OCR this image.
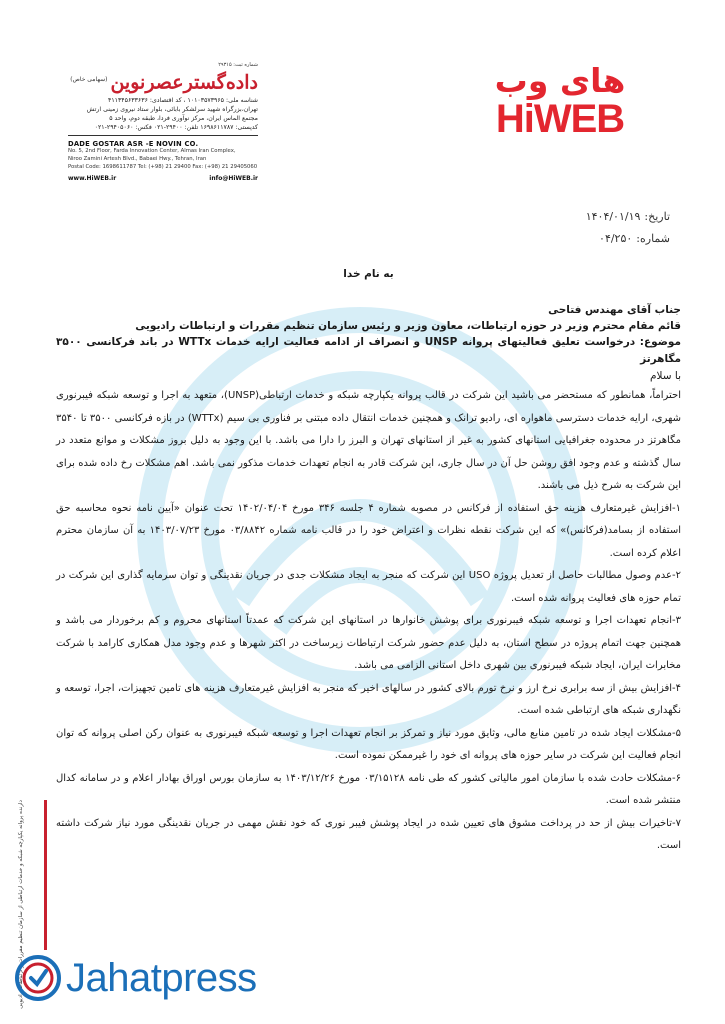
شماره ثبت: ۲۹۳۱۵
داده‌گستر‌عصر‌نوین$^{(سهامی خاص)}$
شناسه ملی: ۱۰۱۰۳۵۷۳۹۶۵ ، کد اقتصادی: ۴۱۱۳۴۵۶۳۳۶۳۶
تهران،بزرگراه شهید سرلشکر بابائی، بلوار ستاد نیروی زمینی ارتش
مجتمع الماس ایران، مرکز نوآوری فردا، طبقه دوم، واحد ۵
کدپستی: ۱۶۹۸۶۱۱۷۸۷ تلفن: ۲۹۴۰۰-۰۲۱ فکس: ۲۹۴۰۵۰۶۰-۰۲۱
DADE GOSTAR ASR -E NOVIN CO.
No. 5, 2nd Floor, Farda Innovation Center, Almas Iran Complex,
Niroo Zamini Artesh Blvd., Babaei Hwy., Tehran, Iran
Postal Code: 1698611787 Tel: (+98) 21 29400 Fax: (+98) 21 29405060
www.HiWEB.ir	info@HiWEB.ir
های وب
HiWEB
تاریخ:۱۴۰۴/۰۱/۱۹
شماره:۰۴/۲۵۰
به نام خدا
جناب آقای مهندس فتاحی
قائم مقام محترم وزیر در حوزه ارتباطات، معاون وزیر و رئیس سازمان تنظیم مقررات و ارتباطات رادیویی
موضوع: درخواست تعلیق فعالیتهای پروانه UNSP و انصراف از ادامه فعالیت ارایه خدمات WTTx در باند فرکانسی ۳۵۰۰ مگاهرتز
با سلام

احتراماً، همانطور که مستحضر می باشید این شرکت در قالب پروانه یکپارچه شبکه و خدمات ارتباطی(UNSP)، متعهد به اجرا و توسعه شبکه فیبرنوری شهری، ارایه خدمات دسترسی ماهواره ای، رادیو ترانک و همچنین خدمات انتقال داده مبتنی بر فناوری بی سیم (WTTx) در بازه فرکانسی ۳۵۰۰ تا ۳۵۴۰ مگاهرتز در محدوده جغرافیایی استانهای کشور به غیر از استانهای تهران و البرز را دارا می باشد. با این وجود به دلیل بروز مشکلات و موانع متعدد در سال گذشته و عدم وجود افق روشن حل آن در سال جاری، این شرکت قادر به انجام تعهدات خدمات مذکور نمی باشد. اهم مشکلات رخ داده شده برای این شرکت به شرح ذیل می باشند.

۱-افزایش غیرمتعارف هزینه حق استفاده از فرکانس در مصوبه شماره ۴ جلسه ۳۴۶ مورخ ۱۴۰۲/۰۴/۰۴ تحت عنوان «آیین نامه نحوه محاسبه حق استفاده از بسامد(فرکانس)» که این شرکت نقطه نظرات و اعتراض خود را در قالب نامه شماره ۰۳/۸۸۴۲ مورخ ۱۴۰۳/۰۷/۲۳ به آن سازمان محترم اعلام کرده است.

۲-عدم وصول مطالبات حاصل از تعدیل پروژه USO این شرکت که منجر به ایجاد مشکلات جدی در جریان نقدینگی و توان سرمایه گذاری این شرکت در تمام حوزه های فعالیت پروانه شده است.

۳-انجام تعهدات اجرا و توسعه شبکه فیبرنوری برای پوشش خانوارها در استانهای این شرکت که عمدتاً استانهای محروم و کم برخوردار می باشد و همچنین جهت اتمام پروژه در سطح استان، به دلیل عدم حضور شرکت ارتباطات زیرساخت در اکثر شهرها و عدم وجود مدل همکاری کارامد با شرکت مخابرات ایران، ایجاد شبکه فیبرنوری بین شهری داخل استانی الزامی می باشد.

۴-افزایش بیش از سه برابری نرخ ارز و نرخ تورم بالای کشور در سالهای اخیر که منجر به افزایش غیرمتعارف هزینه های تامین تجهیزات، اجرا، توسعه و نگهداری شبکه های ارتباطی شده است.

۵-مشکلات ایجاد شده در تامین منابع مالی، وثایق مورد نیاز و تمرکز بر انجام تعهدات اجرا و توسعه شبکه فیبرنوری به عنوان رکن اصلی پروانه که توان انجام فعالیت این شرکت در سایر حوزه های پروانه ای خود را غیرممکن نموده است.

۶-مشکلات حادث شده با سازمان امور مالیاتی کشور که طی نامه ۰۳/۱۵۱۲۸ مورخ ۱۴۰۳/۱۲/۲۶ به سازمان بورس اوراق بهادار اعلام و در سامانه کدال منتشر شده است.

۷-تاخیرات بیش از حد در پرداخت مشوق های تعیین شده در ایجاد پوشش فیبر نوری که خود نقش مهمی در جریان نقدینگی مورد نیاز شرکت داشته است.

دارنده پروانه یکپارچه شبکه و خدمات ارتباطی از سازمان تنظیم مقررات و ارتباطات رادیویی Jahatpress
